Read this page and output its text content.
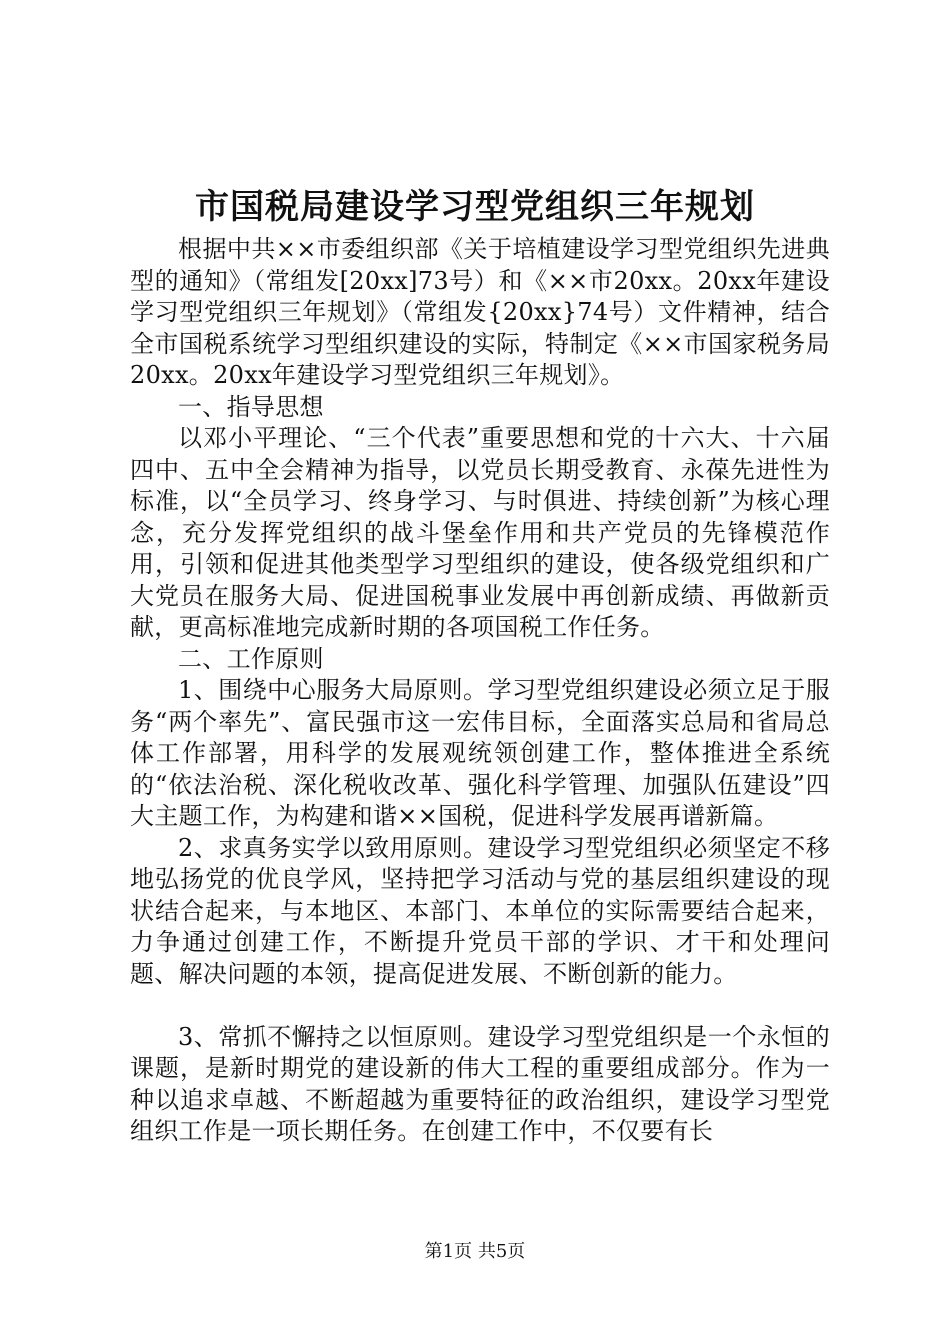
市国税局建设学习型党组织三年规划

根据中共××市委组织部《关于培植建设学习型党组织先进典型的通知》（常组发[20xx]73号）和《××市20xx。20xx年建设学习型党组织三年规划》（常组发{20xx}74号）文件精神，结合全市国税系统学习型组织建设的实际，特制定《××市国家税务局20xx。20xx年建设学习型党组织三年规划》。

一、指导思想

以邓小平理论、“三个代表”重要思想和党的十六大、十六届四中、五中全会精神为指导，以党员长期受教育、永葆先进性为标准，以“全员学习、终身学习、与时俱进、持续创新”为核心理念，充分发挥党组织的战斗堡垒作用和共产党员的先锋模范作用，引领和促进其他类型学习型组织的建设，使各级党组织和广大党员在服务大局、促进国税事业发展中再创新成绩、再做新贡献，更高标准地完成新时期的各项国税工作任务。

二、工作原则

1、围绕中心服务大局原则。学习型党组织建设必须立足于服务“两个率先”、富民强市这一宏伟目标，全面落实总局和省局总体工作部署，用科学的发展观统领创建工作，整体推进全系统的“依法治税、深化税收改革、强化科学管理、加强队伍建设”四大主题工作，为构建和谐××国税，促进科学发展再谱新篇。

2、求真务实学以致用原则。建设学习型党组织必须坚定不移地弘扬党的优良学风，坚持把学习活动与党的基层组织建设的现状结合起来，与本地区、本部门、本单位的实际需要结合起来，力争通过创建工作，不断提升党员干部的学识、才干和处理问题、解决问题的本领，提高促进发展、不断创新的能力。

3、常抓不懈持之以恒原则。建设学习型党组织是一个永恒的课题，是新时期党的建设新的伟大工程的重要组成部分。作为一种以追求卓越、不断超越为重要特征的政治组织，建设学习型党组织工作是一项长期任务。在创建工作中，不仅要有长

第1页 共5页
